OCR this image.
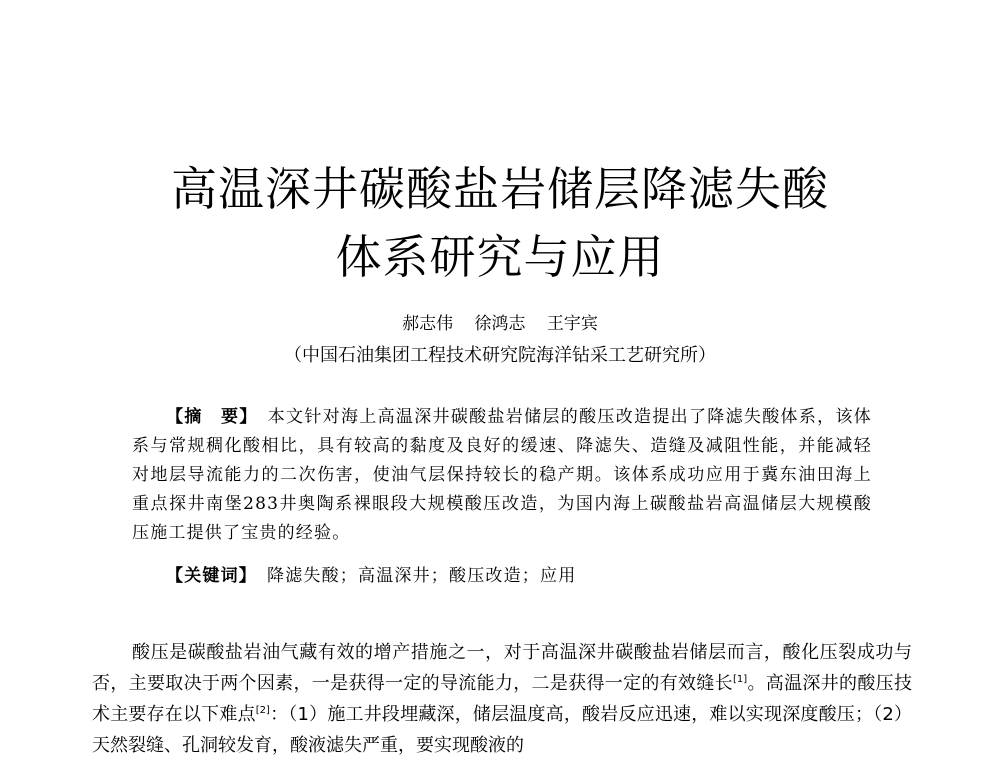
高温深井碳酸盐岩储层降滤失酸
体系研究与应用
郝志伟 徐鸿志 王宇宾
（中国石油集团工程技术研究院海洋钻采工艺研究所）
【摘　要】 本文针对海上高温深井碳酸盐岩储层的酸压改造提出了降滤失酸体系，该体系与常规稠化酸相比，具有较高的黏度及良好的缓速、降滤失、造缝及减阻性能，并能减轻对地层导流能力的二次伤害，使油气层保持较长的稳产期。该体系成功应用于冀东油田海上重点探井南堡283井奥陶系裸眼段大规模酸压改造，为国内海上碳酸盐岩高温储层大规模酸压施工提供了宝贵的经验。
【关键词】 降滤失酸；高温深井；酸压改造；应用

酸压是碳酸盐岩油气藏有效的增产措施之一，对于高温深井碳酸盐岩储层而言，酸化压裂成功与否，主要取决于两个因素，一是获得一定的导流能力，二是获得一定的有效缝长[1]。高温深井的酸压技术主要存在以下难点[2]：（1）施工井段埋藏深，储层温度高，酸岩反应迅速，难以实现深度酸压；（2）天然裂缝、孔洞较发育，酸液滤失严重，要实现酸液的
